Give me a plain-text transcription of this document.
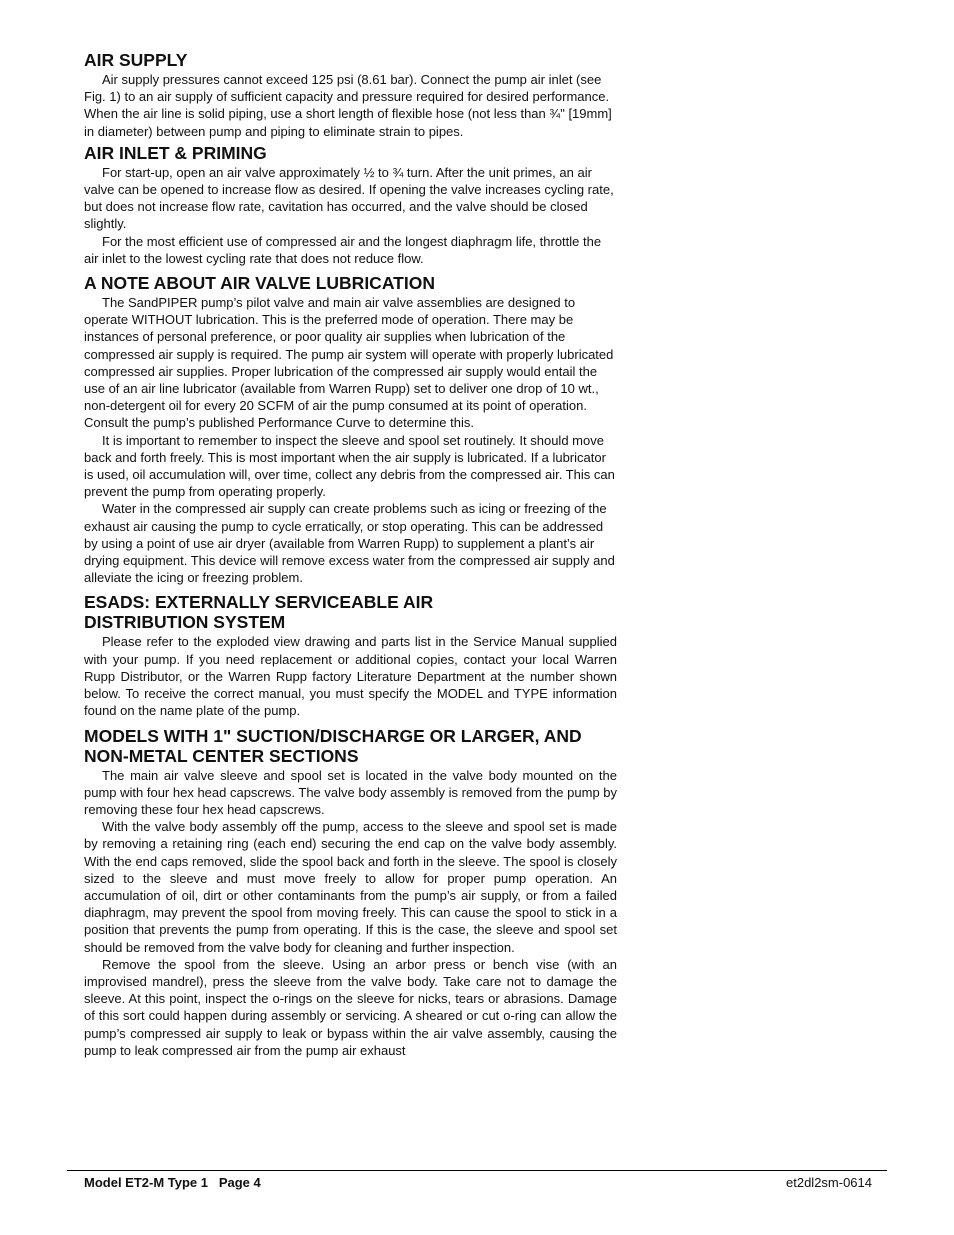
AIR SUPPLY

Air supply pressures cannot exceed 125 psi (8.61 bar). Connect the pump air inlet (see Fig. 1) to an air supply of sufficient capacity and pressure required for desired performance. When the air line is solid piping, use a short length of flexible hose (not less than ¾" [19mm] in diameter) between pump and piping to eliminate strain to pipes.

AIR INLET & PRIMING

For start-up, open an air valve approximately ½ to ¾ turn. After the unit primes, an air valve can be opened to increase flow as desired. If opening the valve increases cycling rate, but does not increase flow rate, cavitation has occurred, and the valve should be closed slightly.

For the most efficient use of compressed air and the longest diaphragm life, throttle the air inlet to the lowest cycling rate that does not reduce flow.

A NOTE ABOUT AIR VALVE LUBRICATION

The SandPIPER pump’s pilot valve and main air valve assemblies are designed to operate WITHOUT lubrication. This is the preferred mode of operation. There may be instances of personal preference, or poor quality air supplies when lubrication of the compressed air supply is required. The pump air system will operate with properly lubricated compressed air supplies. Proper lubrication of the compressed air supply would entail the use of an air line lubricator (available from Warren Rupp) set to deliver one drop of 10 wt., non-detergent oil for every 20 SCFM of air the pump consumed at its point of operation. Consult the pump’s published Performance Curve to determine this.

It is important to remember to inspect the sleeve and spool set routinely. It should move back and forth freely. This is most important when the air supply is lubricated. If a lubricator is used, oil accumulation will, over time, collect any debris from the compressed air. This can prevent the pump from operating properly.

Water in the compressed air supply can create problems such as icing or freezing of the exhaust air causing the pump to cycle erratically, or stop operating. This can be addressed by using a point of use air dryer (available from Warren Rupp) to supplement a plant’s air drying equipment. This device will remove excess water from the compressed air supply and alleviate the icing or freezing problem.

ESADS: EXTERNALLY SERVICEABLE AIR DISTRIBUTION SYSTEM

Please refer to the exploded view drawing and parts list in the Service Manual supplied with your pump. If you need replacement or additional copies, contact your local Warren Rupp Distributor, or the Warren Rupp factory Literature Department at the number shown below. To receive the correct manual, you must specify the MODEL and TYPE information found on the name plate of the pump.

MODELS WITH 1" SUCTION/DISCHARGE OR LARGER, AND NON-METAL CENTER SECTIONS

The main air valve sleeve and spool set is located in the valve body mounted on the pump with four hex head capscrews. The valve body assembly is removed from the pump by removing these four hex head capscrews.

With the valve body assembly off the pump, access to the sleeve and spool set is made by removing a retaining ring (each end) securing the end cap on the valve body assembly. With the end caps removed, slide the spool back and forth in the sleeve. The spool is closely sized to the sleeve and must move freely to allow for proper pump operation. An accumulation of oil, dirt or other contaminants from the pump’s air supply, or from a failed diaphragm, may prevent the spool from moving freely. This can cause the spool to stick in a position that prevents the pump from operating. If this is the case, the sleeve and spool set should be removed from the valve body for cleaning and further inspection.

Remove the spool from the sleeve. Using an arbor press or bench vise (with an improvised mandrel), press the sleeve from the valve body. Take care not to damage the sleeve. At this point, inspect the o-rings on the sleeve for nicks, tears or abrasions. Damage of this sort could happen during assembly or servicing. A sheared or cut o-ring can allow the pump’s compressed air supply to leak or bypass within the air valve assembly, causing the pump to leak compressed air from the pump air exhaust

Model ET2-M Type 1   Page 4	et2dl2sm-0614
